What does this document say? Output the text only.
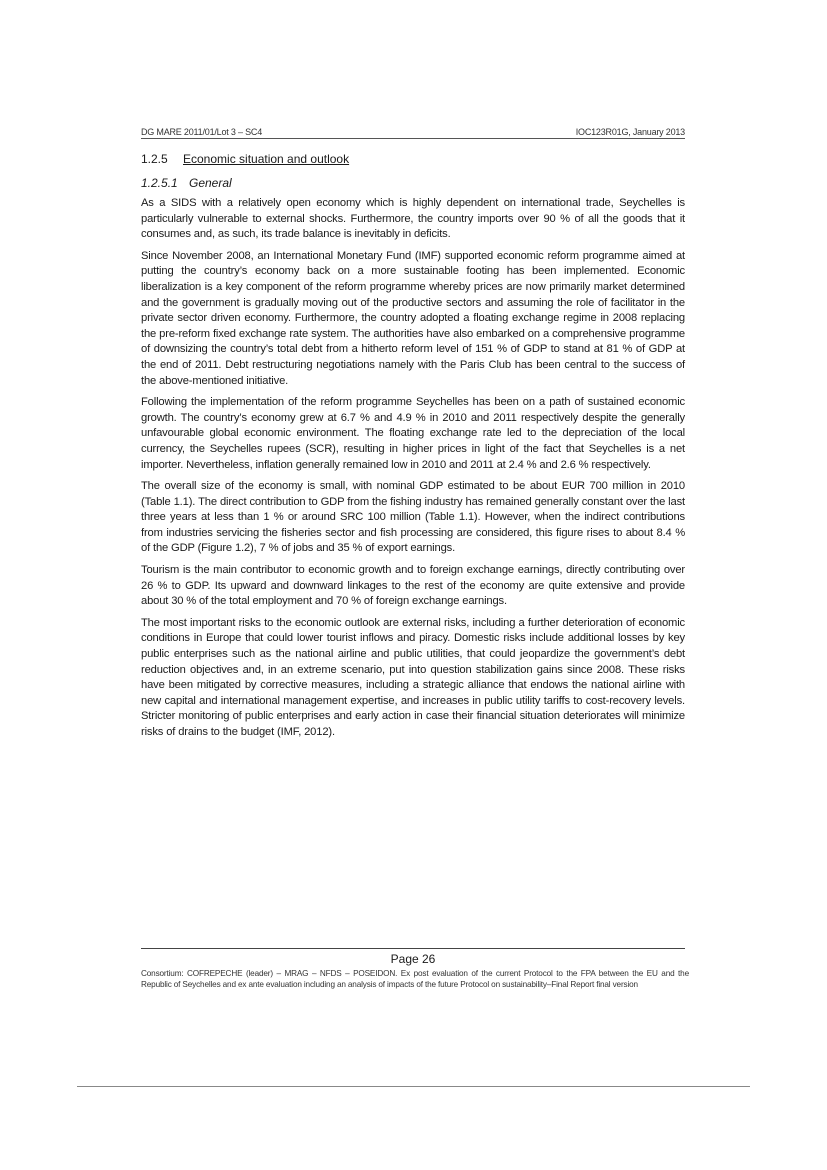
DG MARE 2011/01/Lot 3 – SC4	IOC123R01G, January 2013
1.2.5 Economic situation and outlook
1.2.5.1 General

As a SIDS with a relatively open economy which is highly dependent on international trade, Seychelles is particularly vulnerable to external shocks. Furthermore, the country imports over 90 % of all the goods that it consumes and, as such, its trade balance is inevitably in deficits.

Since November 2008, an International Monetary Fund (IMF) supported economic reform programme aimed at putting the country’s economy back on a more sustainable footing has been implemented. Economic liberalization is a key component of the reform programme whereby prices are now primarily market determined and the government is gradually moving out of the productive sectors and assuming the role of facilitator in the private sector driven economy. Furthermore, the country adopted a floating exchange regime in 2008 replacing the pre-reform fixed exchange rate system. The authorities have also embarked on a comprehensive programme of downsizing the country’s total debt from a hitherto reform level of 151 % of GDP to stand at 81 % of GDP at the end of 2011. Debt restructuring negotiations namely with the Paris Club has been central to the success of the above-mentioned initiative.

Following the implementation of the reform programme Seychelles has been on a path of sustained economic growth. The country’s economy grew at 6.7 % and 4.9 % in 2010 and 2011 respectively despite the generally unfavourable global economic environment. The floating exchange rate led to the depreciation of the local currency, the Seychelles rupees (SCR), resulting in higher prices in light of the fact that Seychelles is a net importer. Nevertheless, inflation generally remained low in 2010 and 2011 at 2.4 % and 2.6 % respectively.

The overall size of the economy is small, with nominal GDP estimated to be about EUR 700 million in 2010 (Table 1.1). The direct contribution to GDP from the fishing industry has remained generally constant over the last three years at less than 1 % or around SRC 100 million (Table 1.1). However, when the indirect contributions from industries servicing the fisheries sector and fish processing are considered, this figure rises to about 8.4 % of the GDP (Figure 1.2), 7 % of jobs and 35 % of export earnings.

Tourism is the main contributor to economic growth and to foreign exchange earnings, directly contributing over 26 % to GDP. Its upward and downward linkages to the rest of the economy are quite extensive and provide about 30 % of the total employment and 70 % of foreign exchange earnings.

The most important risks to the economic outlook are external risks, including a further deterioration of economic conditions in Europe that could lower tourist inflows and piracy. Domestic risks include additional losses by key public enterprises such as the national airline and public utilities, that could jeopardize the government’s debt reduction objectives and, in an extreme scenario, put into question stabilization gains since 2008. These risks have been mitigated by corrective measures, including a strategic alliance that endows the national airline with new capital and international management expertise, and increases in public utility tariffs to cost-recovery levels. Stricter monitoring of public enterprises and early action in case their financial situation deteriorates will minimize risks of drains to the budget (IMF, 2012).

Page 26
Consortium: COFREPECHE (leader) – MRAG – NFDS – POSEIDON. Ex post evaluation of the current Protocol to the FPA between the EU and the Republic of Seychelles and ex ante evaluation including an analysis of impacts of the future Protocol on sustainability–Final Report final version
